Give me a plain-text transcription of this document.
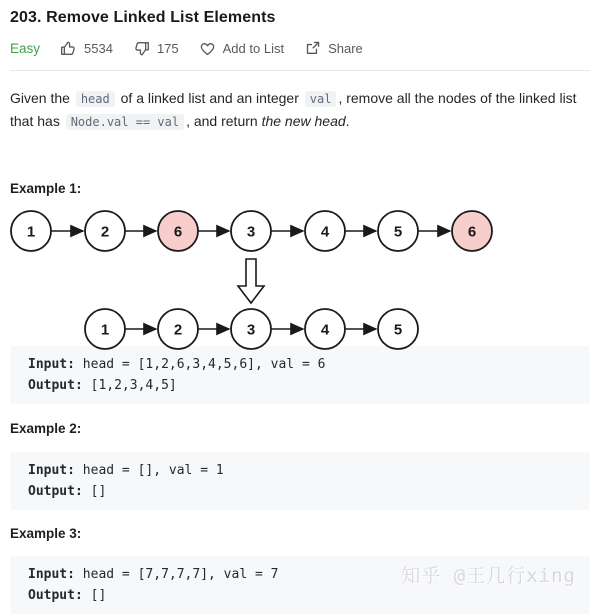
203. Remove Linked List Elements
Easy	5534	175	Add to List	Share

Given the head of a linked list and an integer val , remove all the nodes of the linked list that has Node.val == val , and return the new head.

Example 1:
1	2	6	3	4	5	6
1	2	3	4	5
Input: head = [1,2,6,3,4,5,6], val = 6
Output: [1,2,3,4,5]
Example 2:
Input: head = [], val = 1
Output: []
Example 3:
Input: head = [7,7,7,7], val = 7
Output: []
知乎 @王几行xing
